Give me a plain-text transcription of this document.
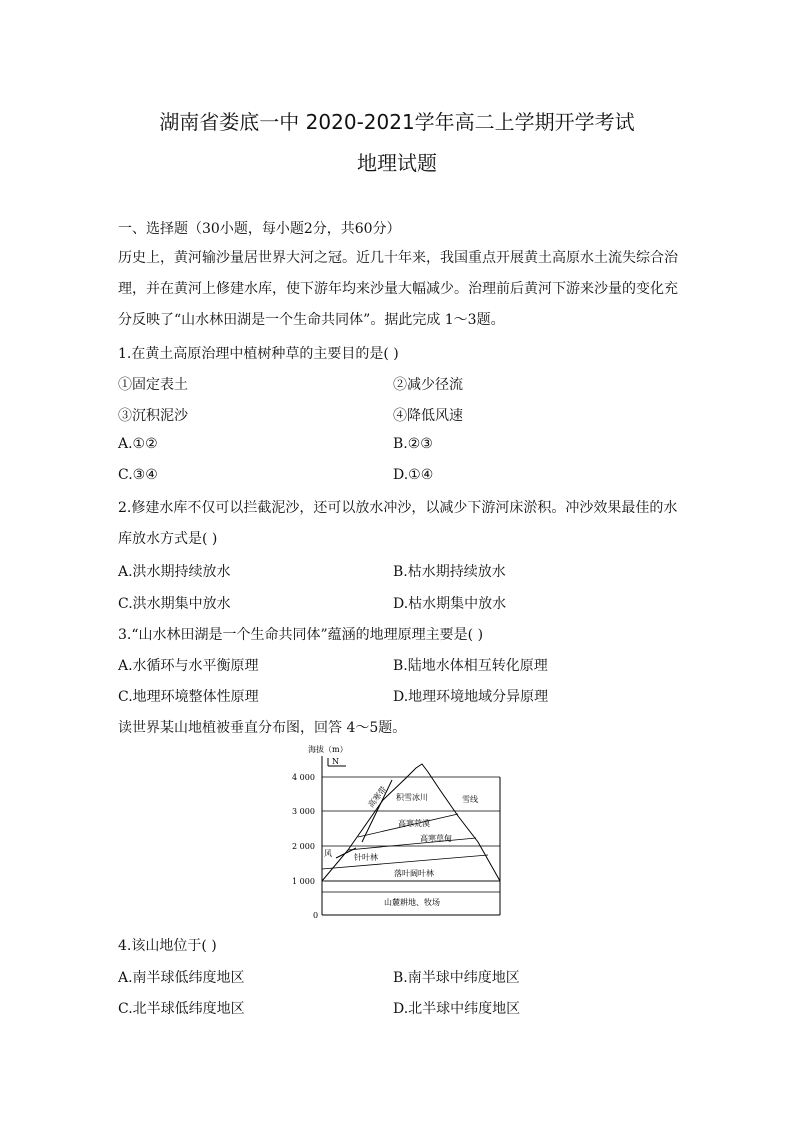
湖南省娄底一中 2020-2021学年高二上学期开学考试
地理试题
一、选择题（30小题，每小题2分，共60分）
历史上，黄河输沙量居世界大河之冠。近几十年来，我国重点开展黄土高原水土流失综合治理，并在黄河上修建水库，使下游年均来沙量大幅减少。治理前后黄河下游来沙量的变化充分反映了“山水林田湖是一个生命共同体”。据此完成 1～3题。
1.在黄土高原治理中植树种草的主要目的是( )
①固定表土	②减少径流
③沉积泥沙	④降低风速
A.①②	B.②③
C.③④	D.①④
2.修建水库不仅可以拦截泥沙，还可以放水冲沙，以减少下游河床淤积。冲沙效果最佳的水库放水方式是( )
A.洪水期持续放水	B.枯水期持续放水
C.洪水期集中放水	D.枯水期集中放水
3.“山水林田湖是一个生命共同体”蕴涵的地理原理主要是( )
A.水循环与水平衡原理	B.陆地水体相互转化原理
C.地理环境整体性原理	D.地理环境地域分异原理
读世界某山地植被垂直分布图，回答 4～5题。
海拔（m）
4 000
3 000
2 000
1 000
0
N
风
高寒带 积雪冰川	雪线
高寒荒漠
高寒草甸
针叶林
落叶阔叶林
山麓耕地、牧场
4.该山地位于( )
A.南半球低纬度地区	B.南半球中纬度地区
C.北半球低纬度地区	D.北半球中纬度地区
